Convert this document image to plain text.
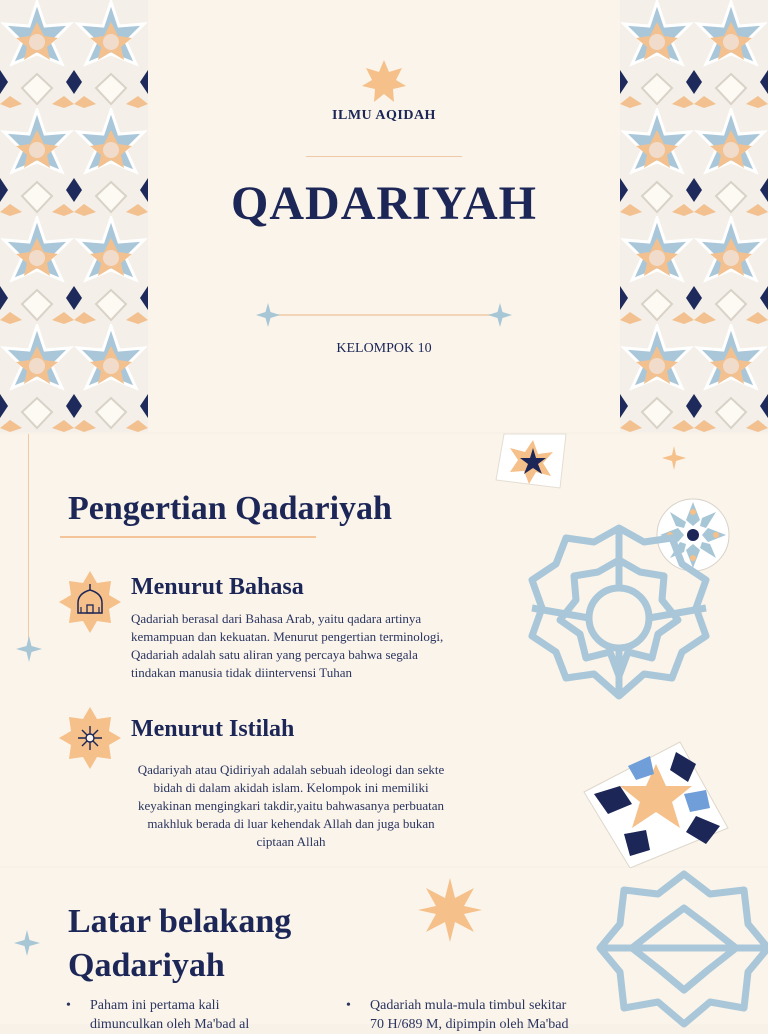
ILMU AQIDAH
QADARIYAH
KELOMPOK 10
Pengertian Qadariyah
Menurut Bahasa
Qadariah berasal dari Bahasa Arab, yaitu qadara artinya kemampuan dan kekuatan. Menurut pengertian terminologi, Qadariah adalah satu aliran yang percaya bahwa segala tindakan manusia tidak diintervensi Tuhan
Menurut Istilah
Qadariyah atau Qidiriyah adalah sebuah ideologi dan sekte bidah di dalam akidah islam. Kelompok ini memiliki keyakinan mengingkari takdir,yaitu bahwasanya perbuatan makhluk berada di luar kehendak Allah dan juga bukan ciptaan Allah
Latar belakang
Qadariyah
• Paham ini pertama kali
dimunculkan oleh Ma'bad al
• Qadariah mula-mula timbul sekitar
70 H/689 M, dipimpin oleh Ma'bad
